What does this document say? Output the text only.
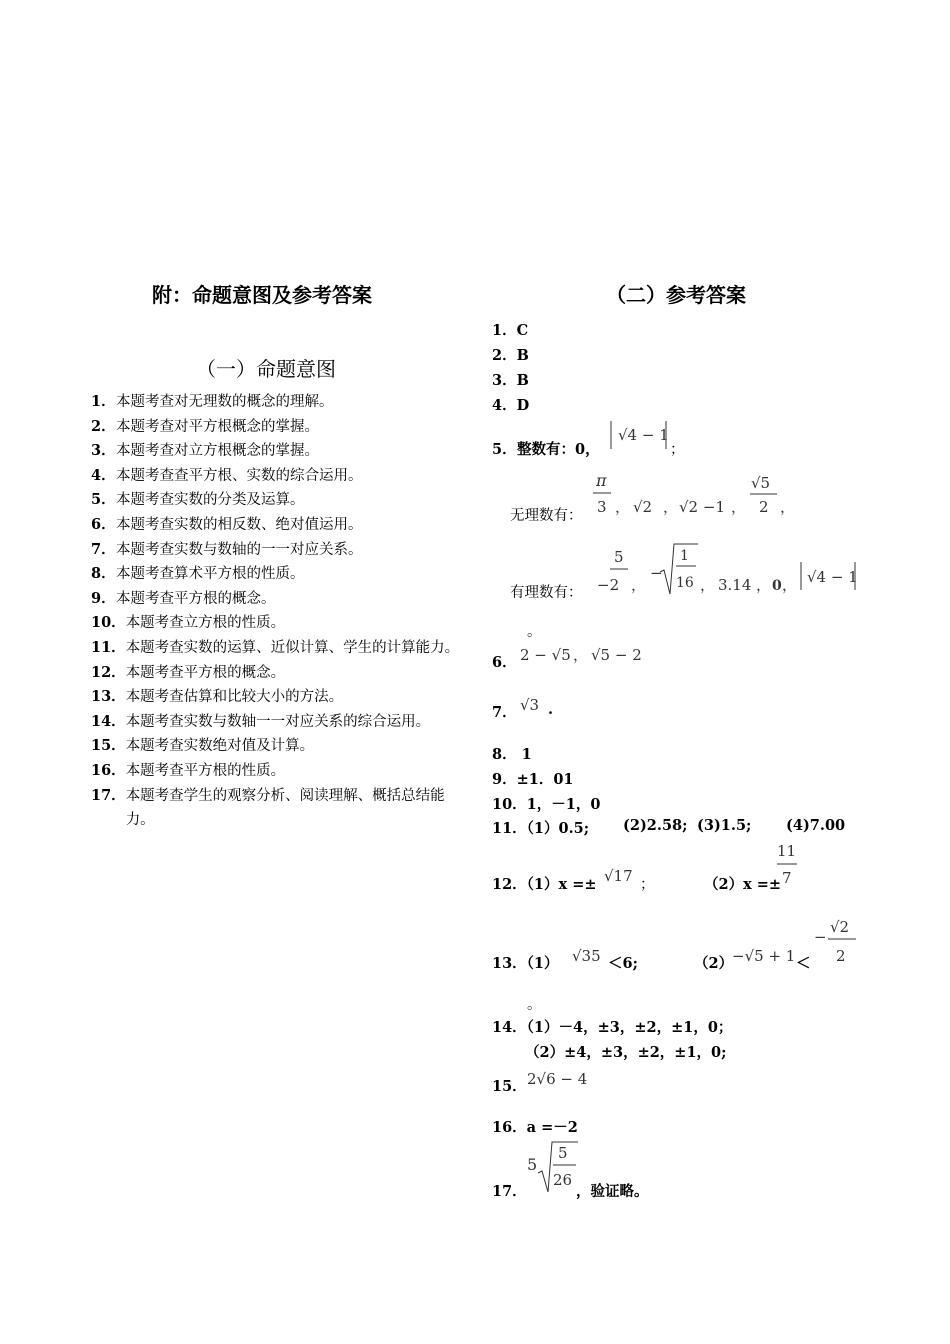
附：命题意图及参考答案
（一）命题意图
1． 本题考查对无理数的概念的理解。
2． 本题考查对平方根概念的掌握。
3． 本题考查对立方根概念的掌握。
4． 本题考查查平方根、实数的综合运用。
5． 本题考查实数的分类及运算。
6． 本题考查实数的相反数、绝对值运用。
7． 本题考查实数与数轴的一一对应关系。
8． 本题考查算术平方根的性质。
9． 本题考查平方根的概念。
10． 本题考查立方根的性质。
11． 本题考查实数的运算、近似计算、学生的计算能力。
12． 本题考查平方根的概念。
13． 本题考查估算和比较大小的方法。
14． 本题考查实数与数轴一一对应关系的综合运用。
15． 本题考查实数绝对值及计算。
16． 本题考查平方根的性质。
17． 本题考查学生的观察分析、阅读理解、概括总结能力。
（二）参考答案
1．C
2．B
3．B
4．D
5． 整数有：0，
√4 − 1
；
无理数有：
π
3 ， √2 ， √2 −1 ，
√5
2 ，
有理数有：
5
−2 ，
−
1
16 ， 3.14 ， 0 ， √4 − 1
。
6． 2 − √5 ， √5 − 2
7． √3 .
8． 1
9．±1．01
10．1，－1，0
11．（1）0.5; (2)2.58; (3)1.5; (4)7.00
12．（1）x =± √17 ；	（2）x =±
11
7
13．（1） √35 ＜6;	（2）
−√5 + 1 ＜
−
√2
2
。
14．（1）－4，±3，±2，±1，0；
（2）±4，±3，±2，±1，0;
15． 2√6 − 4
16．a =－2
17．
5
5
26
，验证略。
